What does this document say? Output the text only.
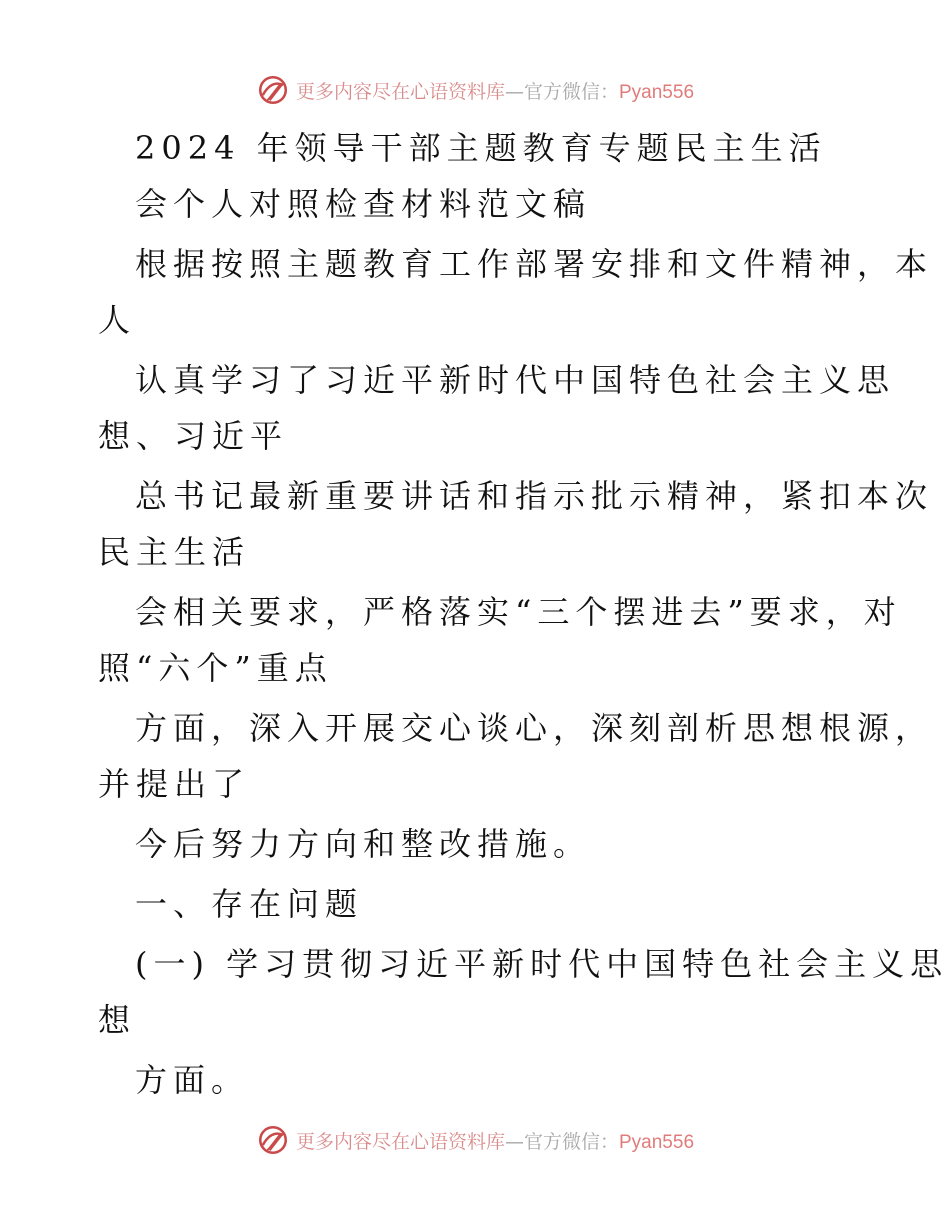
更多内容尽在心语资料库—官方微信：Pyan556
2024 年领导干部主题教育专题民主生活
会个人对照检查材料范文稿
根据按照主题教育工作部署安排和文件精神，本
人
认真学习了习近平新时代中国特色社会主义思
想、习近平
总书记最新重要讲话和指示批示精神，紧扣本次
民主生活
会相关要求，严格落实“三个摆进去”要求，对
照“六个”重点
方面，深入开展交心谈心，深刻剖析思想根源，
并提出了
今后努力方向和整改措施。
一、存在问题
(一) 学习贯彻习近平新时代中国特色社会主义思
想
方面。
更多内容尽在心语资料库—官方微信：Pyan556
